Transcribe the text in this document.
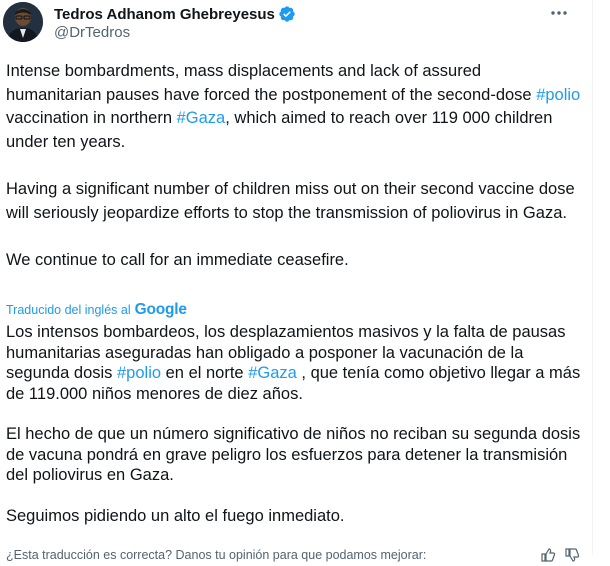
Tedros Adhanom Ghebreyesus
@DrTedros

Intense bombardments, mass displacements and lack of assured humanitarian pauses have forced the postponement of the second-dose #polio vaccination in northern #Gaza, which aimed to reach over 119 000 children under ten years.

Having a significant number of children miss out on their second vaccine dose will seriously jeopardize efforts to stop the transmission of poliovirus in Gaza.

We continue to call for an immediate ceasefire.

Traducido del inglés al Google

Los intensos bombardeos, los desplazamientos masivos y la falta de pausas humanitarias aseguradas han obligado a posponer la vacunación de la segunda dosis #polio en el norte #Gaza , que tenía como objetivo llegar a más de 119.000 niños menores de diez años.

El hecho de que un número significativo de niños no reciban su segunda dosis de vacuna pondrá en grave peligro los esfuerzos para detener la transmisión del poliovirus en Gaza.

Seguimos pidiendo un alto el fuego inmediato.

¿Esta traducción es correcta? Danos tu opinión para que podamos mejorar:
